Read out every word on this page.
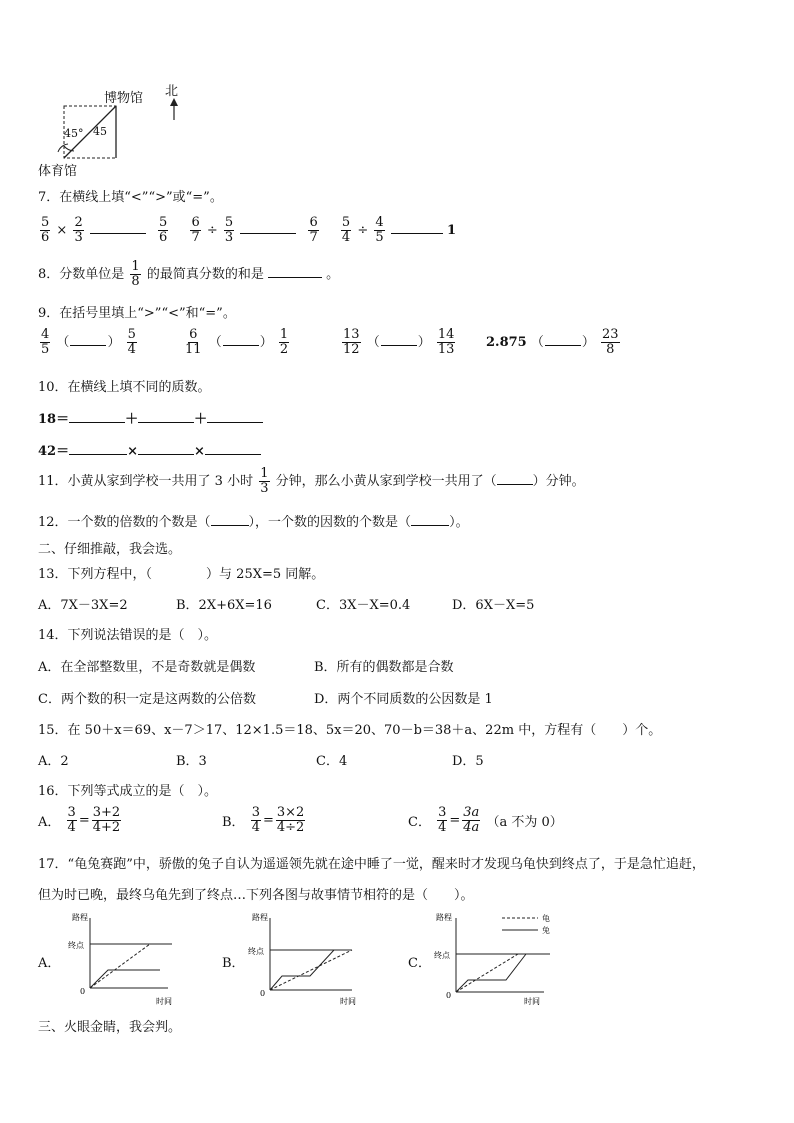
博物馆 北
45° 45
体育馆
7．在横线上填“<”“>”或“=”。
$\frac{5}{6} \times \frac{2}{3}$
	$\frac{5}{6}$
$\frac{6}{7} \div \frac{5}{3}$
	$\frac{6}{7}$
$\frac{5}{4} \div \frac{4}{5}$	1
8．分数单位是 $\frac{1}{8}$ 的最简真分数的和是	。
9．在括号里填上“>”“<”和“=”。
$\frac{4}{5}$ （	） $\frac{5}{4}$	$\frac{6}{11}$ （	） $\frac{1}{2}$	$\frac{13}{12}$ （	） $\frac{14}{13} 2.875$ （	） $\frac{23}{8}$
10．在横线上填不同的质数。
18＝	＋	＋
42＝	×	×
11．小黄从家到学校一共用了 3 小时 $\frac{1}{3}$ 分钟，那么小黄从家到学校一共用了（	）分钟。
12．一个数的倍数的个数是（	），一个数的因数的个数是（	）。
二、仔细推敲，我会选。
13．下列方程中，（	）与 25X=5 同解。
A．7X－3X=2	B．2X+6X=16	C．3X－X=0.4	D．6X－X=5
14．下列说法错误的是（　）。
A．在全部整数里，不是奇数就是偶数	B．所有的偶数都是合数
C．两个数的积一定是这两数的公倍数	D．两个不同质数的公因数是 1
15．在 50＋x＝69、x－7＞17、12×1.5＝18、5x＝20、70－b＝38＋a、22m 中，方程有（　　）个。
A．2	B．3	C．4	D．5
16．下列等式成立的是（　）。
A． $\frac{3}{4} = \frac{3+2}{4+2}$	B． $\frac{3}{4} = \frac{3\times 2}{4\div 2}$	C． $\frac{3}{4} = \frac{3a}{4a} (a$ 不为 0）
17．“龟兔赛跑”中，骄傲的兔子自认为遥遥领先就在途中睡了一觉，醒来时才发现乌龟快到终点了，于是急忙追赶，
但为时已晚，最终乌龟先到了终点…下列各图与故事情节相符的是（　　）。
A．
路程
终点
0
时间
B．
路程
终点
0
时间
C．
龟
兔
路程
终点
0
时间
三、火眼金睛，我会判。
